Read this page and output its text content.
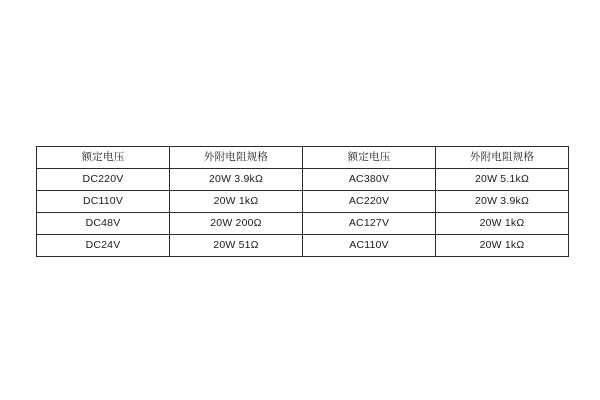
额定电压	外附电阻规格	额定电压	外附电阻规格
DC220V	20W 3.9kΩ	AC380V	20W 5.1kΩ
DC110V	20W 1kΩ	AC220V	20W 3.9kΩ
DC48V	20W 200Ω	AC127V	20W 1kΩ
DC24V	20W 51Ω	AC110V	20W 1kΩ
